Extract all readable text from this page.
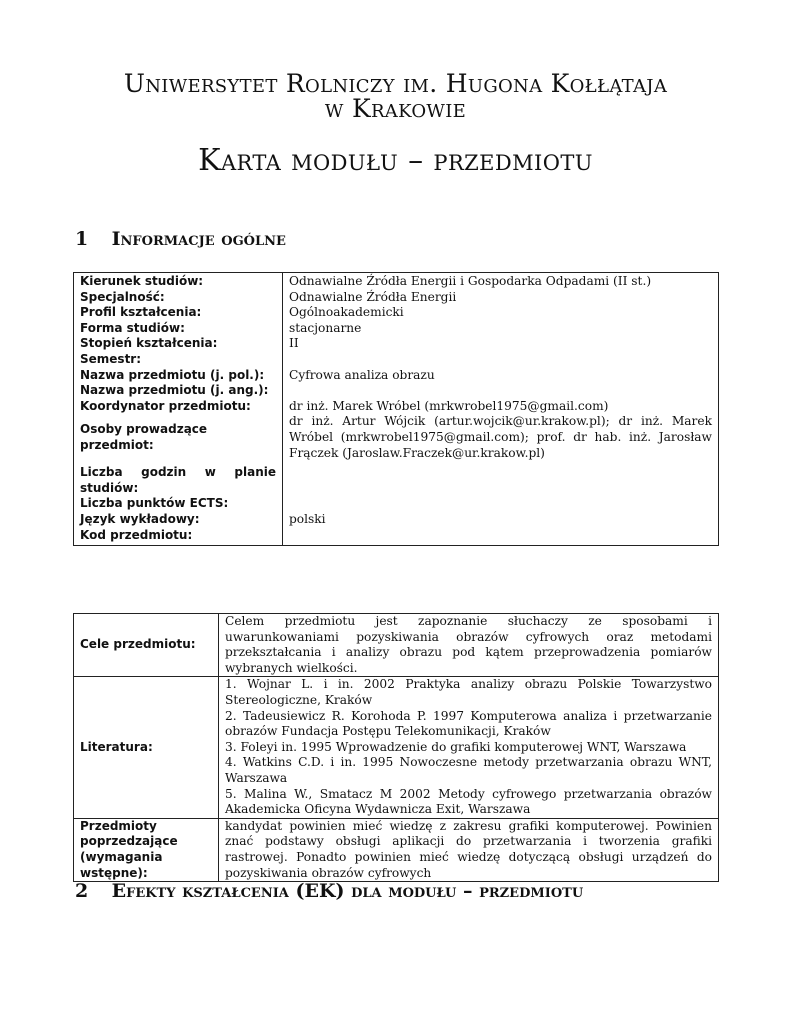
Uniwersytet Rolniczy im. Hugona Kołłątaja
w Krakowie
Karta modułu – przedmiotu
1 Informacje ogólne
Kierunek studiów:	Odnawialne Źródła Energii i Gospodarka Odpadami (II st.)
Specjalność:	Odnawialne Źródła Energii
Profil kształcenia:	Ogólnoakademicki
Forma studiów:	stacjonarne
Stopień kształcenia:	II
Semestr:	
Nazwa przedmiotu (j. pol.):	Cyfrowa analiza obrazu
Nazwa przedmiotu (j. ang.):	
Koordynator przedmiotu:	dr inż. Marek Wróbel (mrkwrobel1975@gmail.com)
Osoby prowadzące przedmiot:	dr inż. Artur Wójcik (artur.wojcik@ur.krakow.pl); dr inż. Marek Wróbel (mrkwrobel1975@gmail.com); prof. dr hab. inż. Jarosław Frączek (Jaroslaw.Fraczek@ur.krakow.pl)
Liczba godzin w planie studiów:	
Liczba punktów ECTS:	
Język wykładowy:	polski
Kod przedmiotu:	
Cele przedmiotu:	Celem przedmiotu jest zapoznanie słuchaczy ze sposobami i uwarunkowaniami pozyskiwania obrazów cyfrowych oraz metodami przekształcania i analizy obrazu pod kątem przeprowadzenia pomiarów wybranych wielkości.
Literatura:	1. Wojnar L. i in. 2002 Praktyka analizy obrazu Polskie Towarzystwo Stereologiczne, Kraków
2. Tadeusiewicz R. Korohoda P. 1997 Komputerowa analiza i przetwarzanie obrazów Fundacja Postępu Telekomunikacji, Kraków
3. Foleyi in. 1995 Wprowadzenie do grafiki komputerowej WNT, Warszawa
4. Watkins C.D. i in. 1995 Nowoczesne metody przetwarzania obrazu WNT, Warszawa
5. Malina W., Smatacz M 2002 Metody cyfrowego przetwarzania obrazów Akademicka Oficyna Wydawnicza Exit, Warszawa

Przedmioty poprzedzające (wymagania wstępne):	kandydat powinien mieć wiedzę z zakresu grafiki komputerowej. Powinien znać podstawy obsługi aplikacji do przetwarzania i tworzenia grafiki rastrowej. Ponadto powinien mieć wiedzę dotyczącą obsługi urządzeń do pozyskiwania obrazów cyfrowych
2 Efekty kształcenia (EK) dla modułu – przedmiotu
